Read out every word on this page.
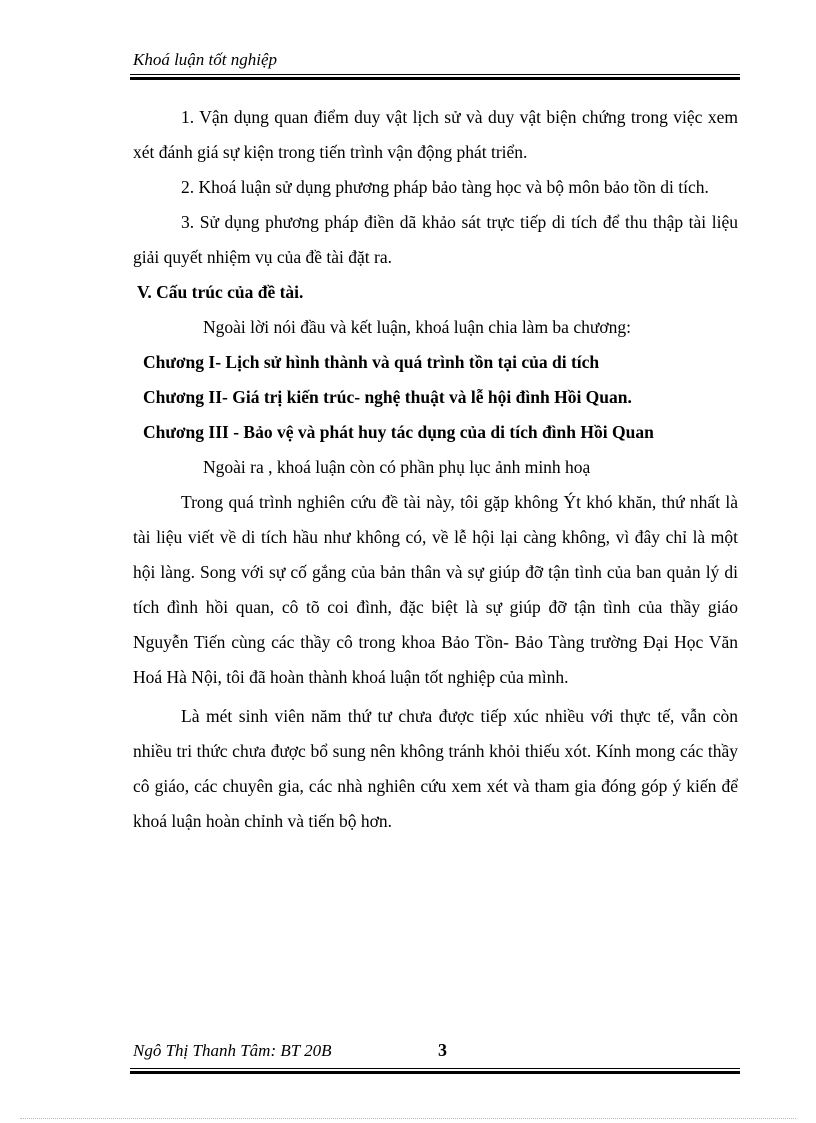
Khoá luận tốt nghiệp

1. Vận dụng quan điểm duy vật lịch sử và duy vật biện chứng trong việc xem xét đánh giá sự kiện trong tiến trình vận động phát triển.

2. Khoá luận sử dụng phương pháp bảo tàng học và bộ môn bảo tồn di tích.

3. Sử dụng phương pháp điền dã khảo sát trực tiếp di tích để thu thập tài liệu giải quyết nhiệm vụ của đề tài đặt ra.

V. Cấu trúc của đề tài.

Ngoài lời nói đầu và kết luận, khoá luận chia làm ba chương:

Chương I- Lịch sử hình thành và quá trình tồn tại của di tích

Chương II- Giá trị kiến trúc- nghệ thuật và lễ hội đình Hồi Quan.

Chương III - Bảo vệ và phát huy tác dụng của di tích đình Hồi Quan

Ngoài ra , khoá luận còn có phần phụ lục ảnh minh hoạ

Trong quá trình nghiên cứu đề tài này, tôi gặp không Ýt khó khăn, thứ nhất là tài liệu viết về di tích hầu như không có, về lễ hội lại càng không, vì đây chỉ là một hội làng. Song với sự cố gắng của bản thân và sự giúp đỡ tận tình của ban quản lý di tích đình hồi quan, cô tõ coi đình, đặc biệt là sự giúp đỡ tận tình của thầy giáo Nguyễn Tiến cùng các thầy cô trong khoa Bảo Tồn- Bảo Tàng trường Đại Học Văn Hoá Hà Nội, tôi đã hoàn thành khoá luận tốt nghiệp của mình.

Là mét sinh viên năm thứ tư chưa được tiếp xúc nhiều với thực tế, vẫn còn nhiều tri thức chưa được bổ sung nên không tránh khỏi thiếu xót. Kính mong các thầy cô giáo, các chuyên gia, các nhà nghiên cứu xem xét và tham gia đóng góp ý kiến để khoá luận hoàn chỉnh và tiến bộ hơn.

Ngô Thị Thanh Tâm: BT 20B	3
